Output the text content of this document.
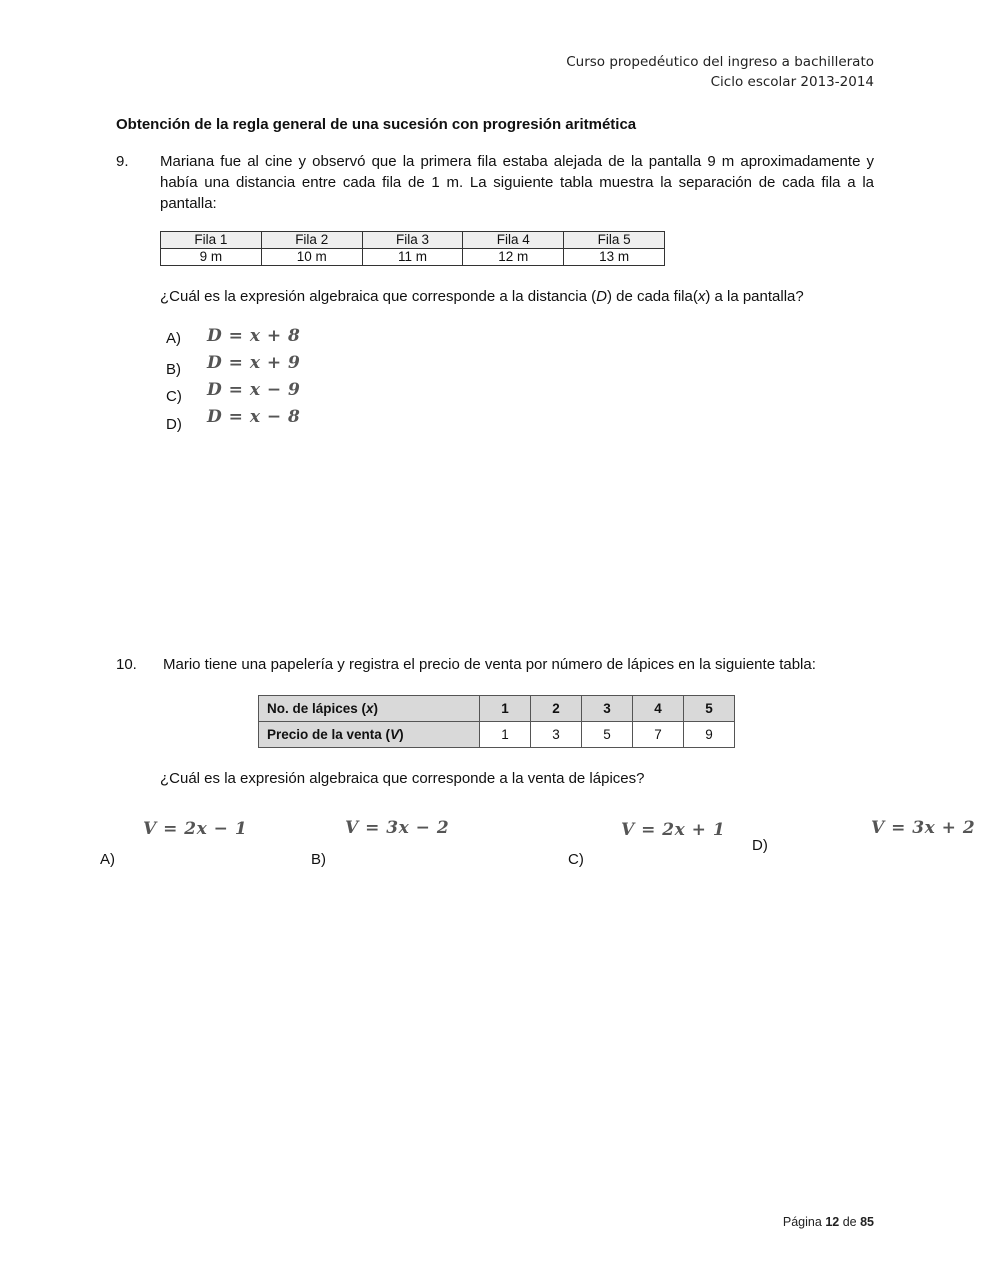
Curso propedéutico del ingreso a bachillerato
Ciclo escolar 2013-2014
Obtención de la regla general de una sucesión con progresión aritmética
9. Mariana fue al cine y observó que la primera fila estaba alejada de la pantalla 9 m aproximadamente y había una distancia entre cada fila de 1 m. La siguiente tabla muestra la separación de cada fila a la pantalla:
Fila 1	Fila 2	Fila 3	Fila 4	Fila 5
9 m	10 m	11 m	12 m	13 m
¿Cuál es la expresión algebraica que corresponde a la distancia (D) de cada fila(x) a la pantalla?
A) D = x + 8
B) D = x + 9
C) D = x − 9
D) D = x − 8
10. Mario tiene una papelería y registra el precio de venta por número de lápices en la siguiente tabla:
No. de lápices (x)	1	2	3	4	5
Precio de la venta (V)	1	3	5	7	9
¿Cuál es la expresión algebraica que corresponde a la venta de lápices?
V = 2x − 1
A)
V = 3x − 2
B)
V = 2x + 1
C)
D)
V = 3x + 2
Página 12 de 85
